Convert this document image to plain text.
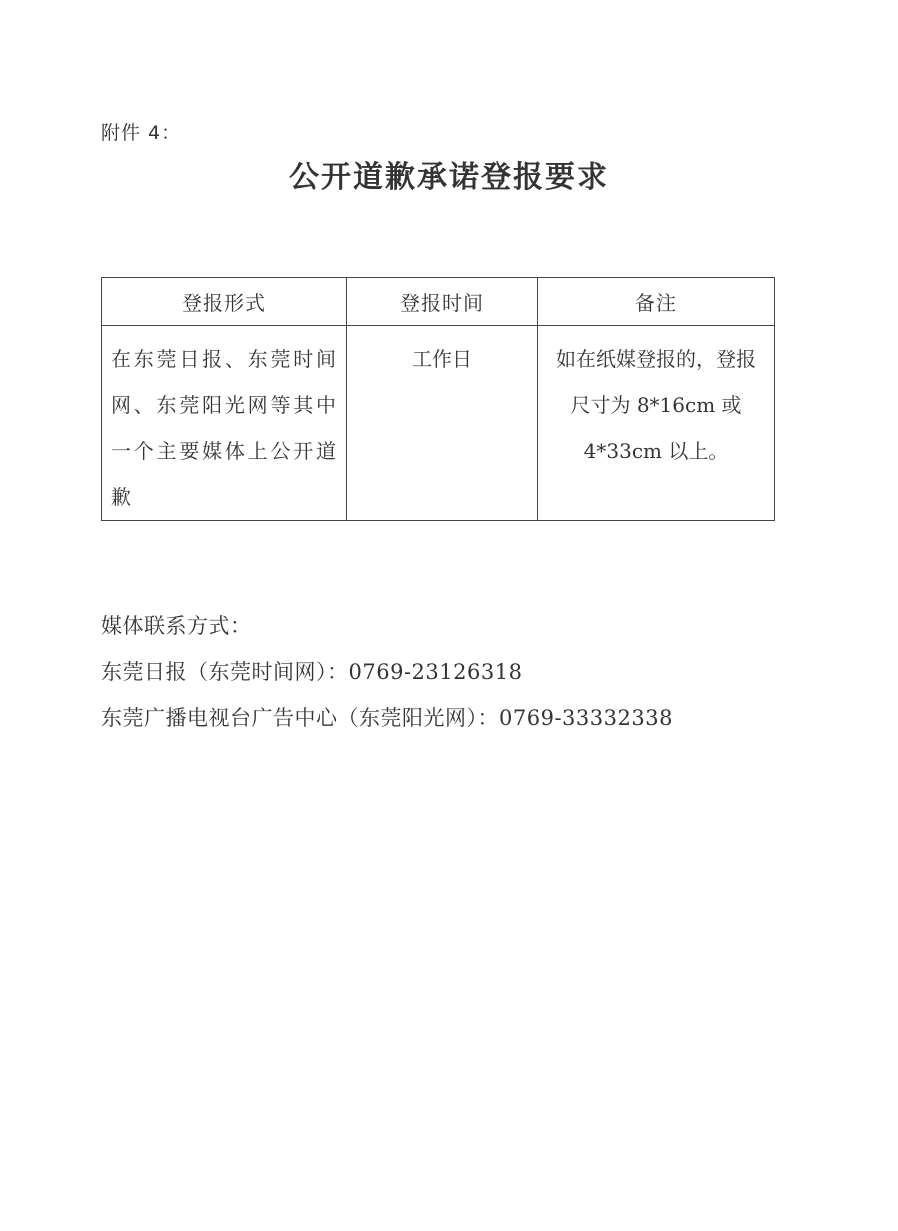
附件 4：
公开道歉承诺登报要求
登报形式	登报时间	备注
在东莞日报、东莞时间网、东莞阳光网等其中一个主要媒体上公开道歉	工作日	如在纸媒登报的，登报尺寸为 8*16cm 或 4*33cm 以上。
媒体联系方式：
东莞日报（东莞时间网）：0769-23126318
东莞广播电视台广告中心（东莞阳光网）：0769-33332338
